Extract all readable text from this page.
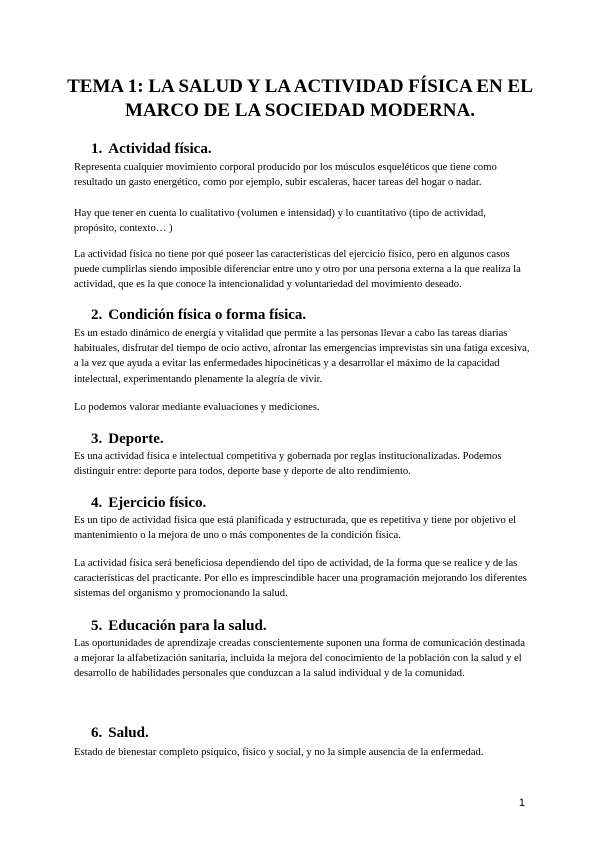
TEMA 1: LA SALUD Y LA ACTIVIDAD FÍSICA EN EL
MARCO DE LA SOCIEDAD MODERNA.
1. Actividad física.
Representa cualquier movimiento corporal producido por los músculos esqueléticos que tiene como resultado un gasto energético, como por ejemplo, subir escaleras, hacer tareas del hogar o nadar.
Hay que tener en cuenta lo cualitativo (volumen e intensidad) y lo cuantitativo (tipo de actividad, propósito, contexto… )
La actividad física no tiene por qué poseer las características del ejercicio físico, pero en algunos casos puede cumplirlas siendo imposible diferenciar entre uno y otro por una persona externa a la que realiza la actividad, que es la que conoce la intencionalidad y voluntariedad del movimiento deseado.
2. Condición física o forma física.
Es un estado dinámico de energía y vitalidad que permite a las personas llevar a cabo las tareas diarias habituales, disfrutar del tiempo de ocio activo, afrontar las emergencias imprevistas sin una fatiga excesiva, a la vez que ayuda a evitar las enfermedades hipocinéticas y a desarrollar el máximo de la capacidad intelectual, experimentando plenamente la alegría de vivir.
Lo podemos valorar mediante evaluaciones y mediciones.
3. Deporte.
Es una actividad física e intelectual competitiva y gobernada por reglas institucionalizadas. Podemos distinguir entre: deporte para todos, deporte base y deporte de alto rendimiento.
4. Ejercicio físico.
Es un tipo de actividad física que está planificada y estructurada, que es repetitiva y tiene por objetivo el mantenimiento o la mejora de uno o más componentes de la condición física.
La actividad física será beneficiosa dependiendo del tipo de actividad, de la forma que se realice y de las características del practicante. Por ello es imprescindible hacer una programación mejorando los diferentes sistemas del organismo y promocionando la salud.
5. Educación para la salud.
Las oportunidades de aprendizaje creadas conscientemente suponen una forma de comunicación destinada a mejorar la alfabetización sanitaria, incluida la mejora del conocimiento de la población con la salud y el desarrollo de habilidades personales que conduzcan a la salud individual y de la comunidad.
6. Salud.
Estado de bienestar completo psíquico, físico y social, y no la simple ausencia de la enfermedad.
1
